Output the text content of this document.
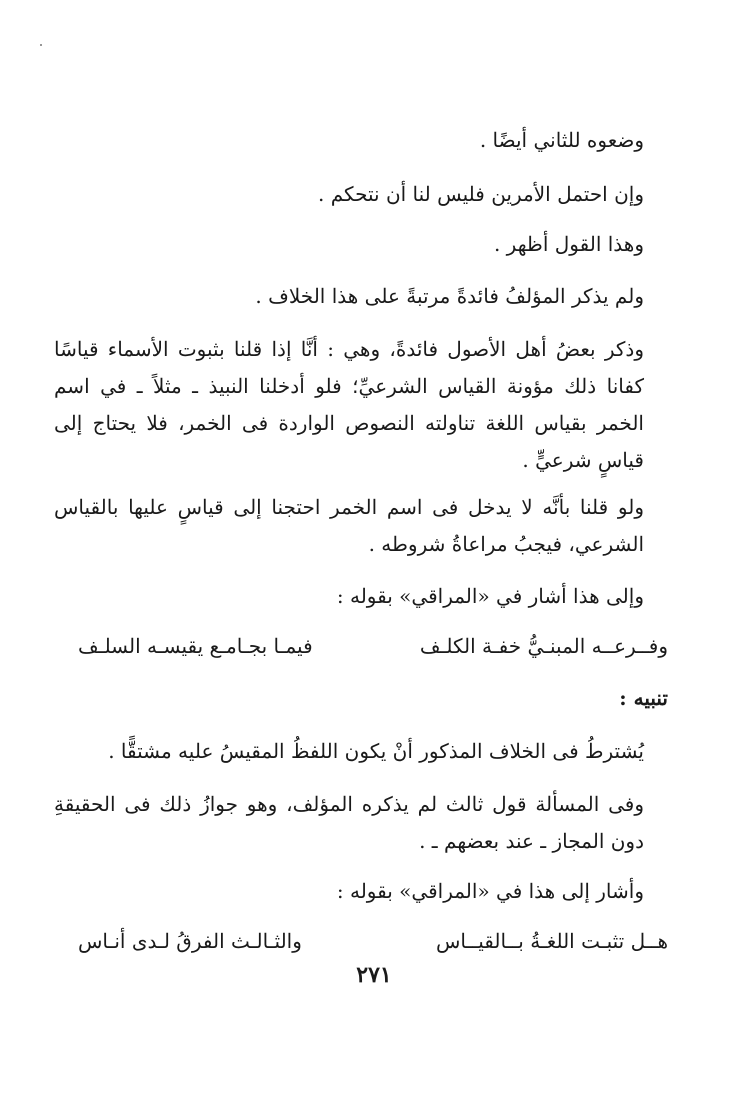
وضعوه للثاني أيضًا .

وإن احتمل الأمرين فليس لنا أن نتحكم .

وهذا القول أظهر .

ولم يذكر المؤلفُ فائدةً مرتبةً على هذا الخلاف .

وذكر بعضُ أهل الأصول فائدةً، وهي : أنَّا إذا قلنا بثبوت الأسماء قياسًا كفانا ذلك مؤونة القياس الشرعيِّ؛ فلو أدخلنا النبيذ ـ مثلاً ـ في اسم الخمر بقياس اللغة تناولته النصوص الواردة فى الخمر، فلا يحتاج إلى قياسٍ شرعيٍّ .

ولو قلنا بأنَّه لا يدخل فى اسم الخمر احتجنا إلى قياسٍ عليها بالقياس الشرعي، فيجبُ مراعاةُ شروطه .

وإلى هذا أشار في «المراقي» بقوله :

وفــرعــه المبنـيُّ خفـة الكلـف
فيمـا بجـامـع يقيسـه السلـف

تنبيه :

يُشترطُ فى الخلاف المذكور أنْ يكون اللفظُ المقيسُ عليه مشتقًّا .

وفى المسألة قول ثالث لم يذكره المؤلف، وهو جوازُ ذلك فى الحقيقةِ دون المجاز ـ عند بعضهم ـ .

وأشار إلى هذا في «المراقي» بقوله :

هــل تثبـت اللغـةُ بــالقيــاس
والثـالـث الفرقُ لـدى أنـاس
٢٧١
